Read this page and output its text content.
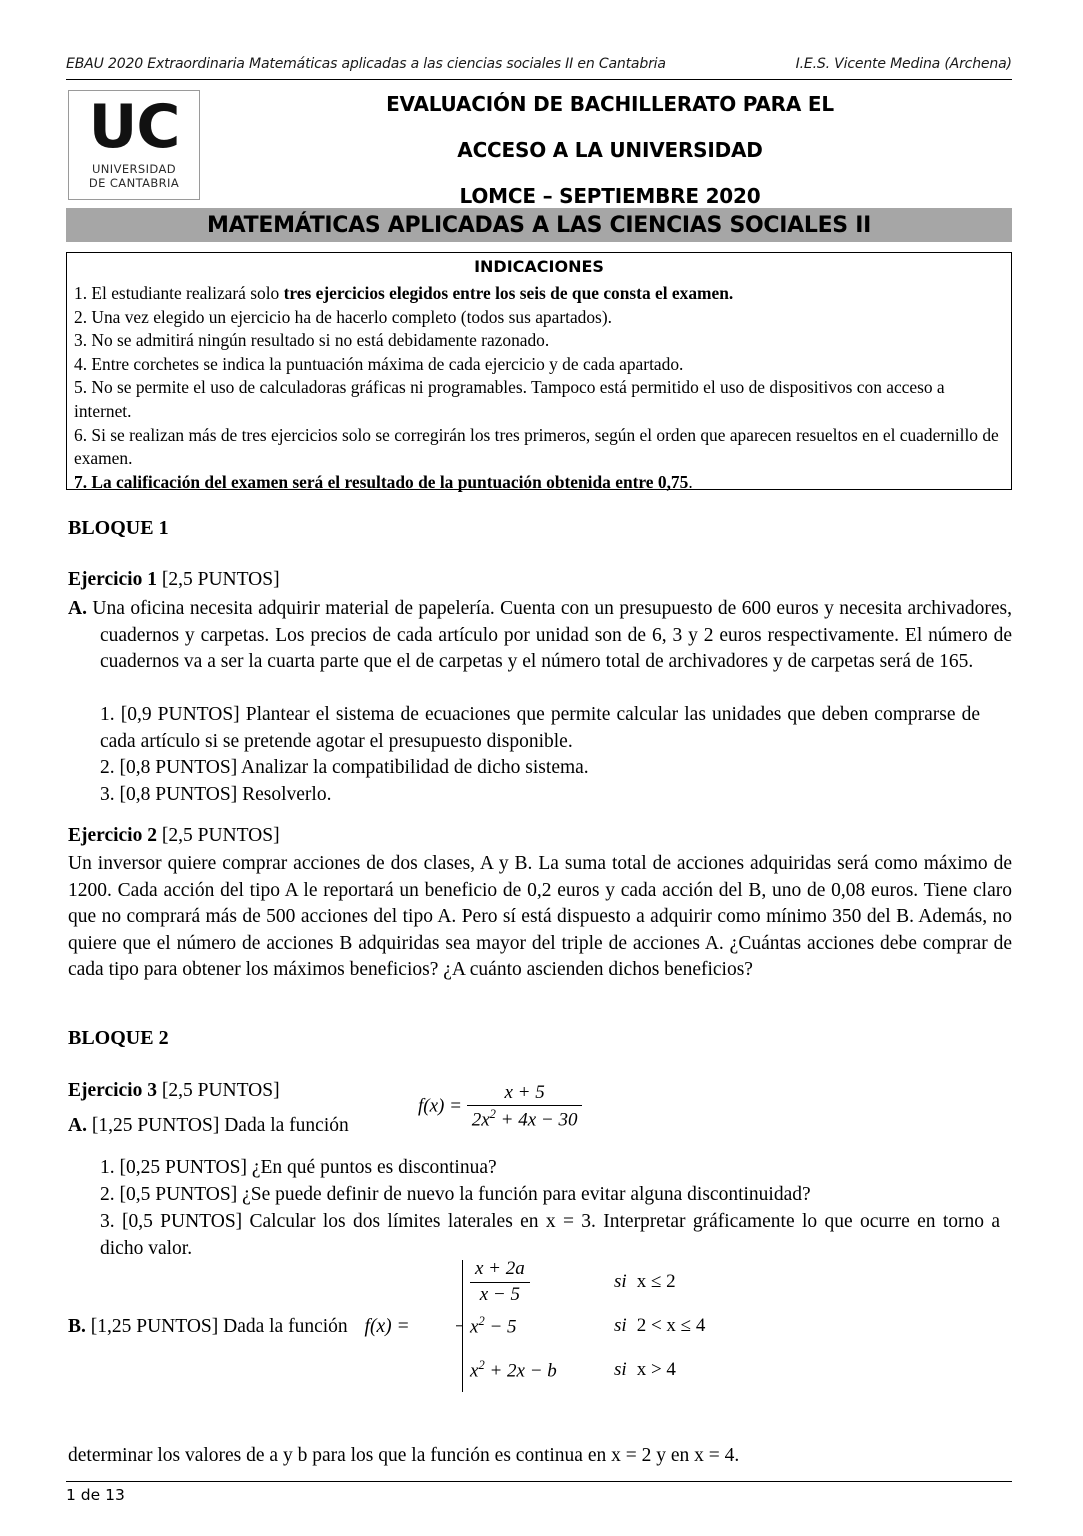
EBAU 2020 Extraordinaria Matemáticas aplicadas a las ciencias sociales II en Cantabria	I.E.S. Vicente Medina (Archena)
UC
UNIVERSIDAD
DE CANTABRIA
EVALUACIÓN DE BACHILLERATO PARA EL
ACCESO A LA UNIVERSIDAD
LOMCE – SEPTIEMBRE 2020
MATEMÁTICAS APLICADAS A LAS CIENCIAS SOCIALES II
INDICACIONES
1. El estudiante realizará solo tres ejercicios elegidos entre los seis de que consta el examen.
2. Una vez elegido un ejercicio ha de hacerlo completo (todos sus apartados).
3. No se admitirá ningún resultado si no está debidamente razonado.
4. Entre corchetes se indica la puntuación máxima de cada ejercicio y de cada apartado.
5. No se permite el uso de calculadoras gráficas ni programables. Tampoco está permitido el uso de dispositivos con acceso a internet.
6. Si se realizan más de tres ejercicios solo se corregirán los tres primeros, según el orden que aparecen resueltos en el cuadernillo de examen.
7. La calificación del examen será el resultado de la puntuación obtenida entre 0,75.
BLOQUE 1
Ejercicio 1 [2,5 PUNTOS]
A. Una oficina necesita adquirir material de papelería. Cuenta con un presupuesto de 600 euros y necesita archivadores, cuadernos y carpetas. Los precios de cada artículo por unidad son de 6, 3 y 2 euros respectivamente. El número de cuadernos va a ser la cuarta parte que el de carpetas y el número total de archivadores y de carpetas será de 165.
1. [0,9 PUNTOS] Plantear el sistema de ecuaciones que permite calcular las unidades que deben comprarse de cada artículo si se pretende agotar el presupuesto disponible.
2. [0,8 PUNTOS] Analizar la compatibilidad de dicho sistema.
3. [0,8 PUNTOS] Resolverlo.
Ejercicio 2 [2,5 PUNTOS]
Un inversor quiere comprar acciones de dos clases, A y B. La suma total de acciones adquiridas será como máximo de 1200. Cada acción del tipo A le reportará un beneficio de 0,2 euros y cada acción del B, uno de 0,08 euros. Tiene claro que no comprará más de 500 acciones del tipo A. Pero sí está dispuesto a adquirir como mínimo 350 del B. Además, no quiere que el número de acciones B adquiridas sea mayor del triple de acciones A. ¿Cuántas acciones debe comprar de cada tipo para obtener los máximos beneficios? ¿A cuánto ascienden dichos beneficios?
BLOQUE 2
Ejercicio 3 [2,5 PUNTOS]
A. [1,25 PUNTOS] Dada la función
$f(x) = \frac{x + 5}{2x^2 + 4x - 30}$
1. [0,25 PUNTOS] ¿En qué puntos es discontinua?
2. [0,5 PUNTOS] ¿Se puede definir de nuevo la función para evitar alguna discontinuidad?
3. [0,5 PUNTOS] Calcular los dos límites laterales en x = 3. Interpretar gráficamente lo que ocurre en torno a dicho valor.
B. [1,25 PUNTOS] Dada la función f(x) =
$\frac{x + 2a}{x - 5}$	si x ≤ 2
$x^2 - 5$	si 2 < x ≤ 4
$x^2 + 2x - b$	si x > 4
determinar los valores de a y b para los que la función es continua en x = 2 y en x = 4.
1 de 13
